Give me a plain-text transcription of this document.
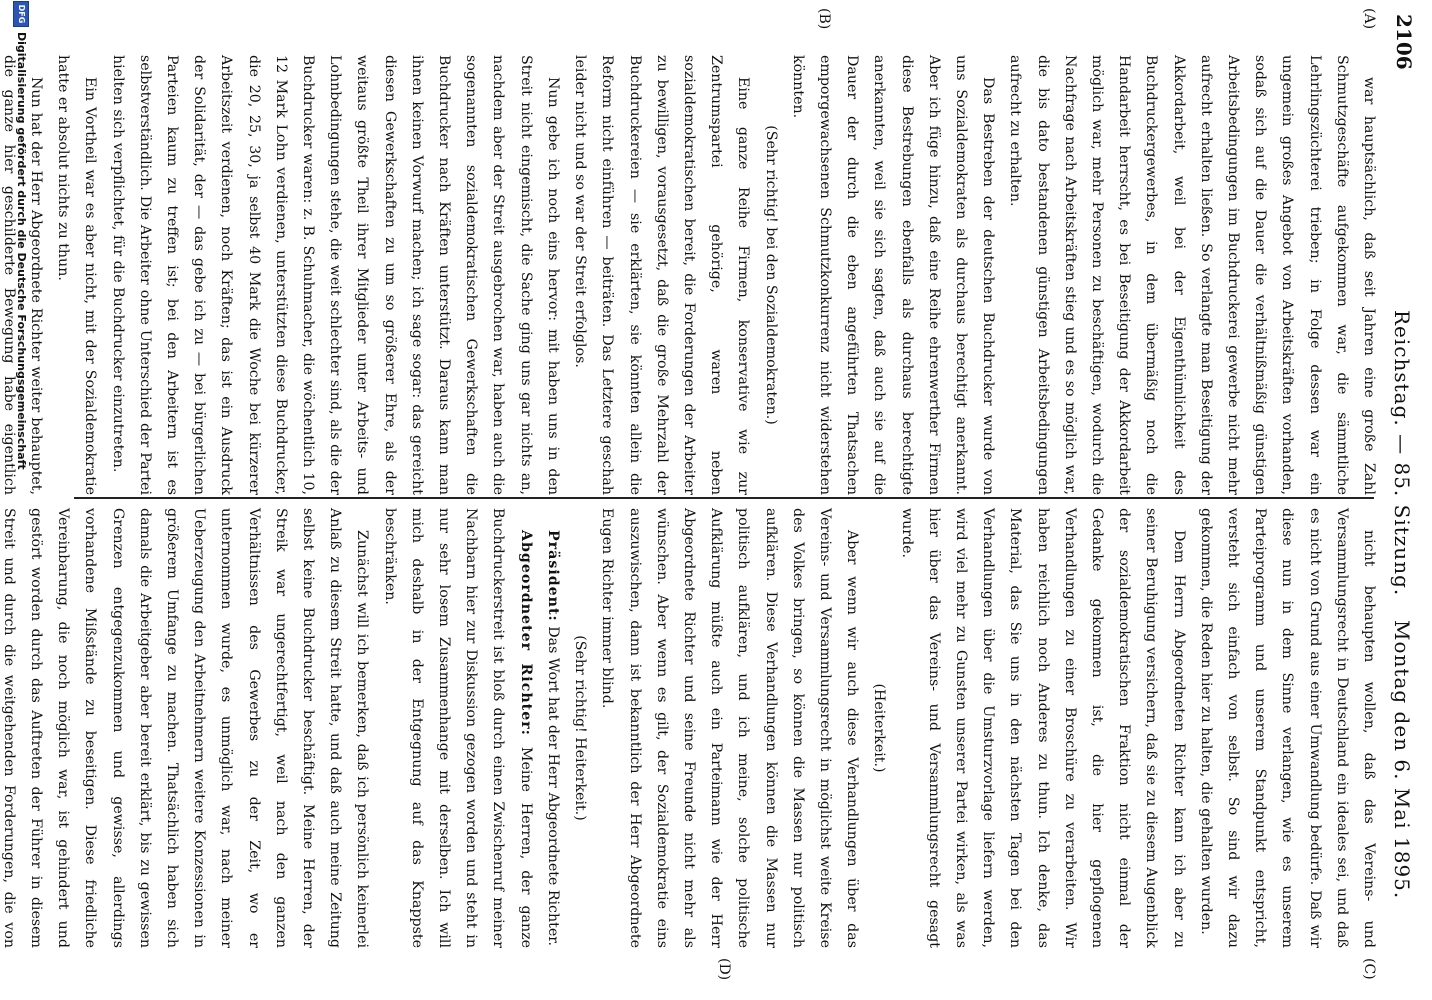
2106
Reichstag. — 85. Sitzung.
Montag den 6. Mai 1895.
(A)
(B)
(C)
(D)

war hauptsächlich, daß seit Jahren eine große Zahl Schmutzgeschäfte aufgekommen war, die sämmtliche Lehrlingszüchterei trieben; in Folge dessen war ein ungemein großes Angebot von Arbeitskräften vorhanden, sodaß sich auf die Dauer die verhältnißmäßig günstigen Arbeitsbedingungen im Buchdruckerei gewerbe nicht mehr aufrecht erhalten ließen. So verlangte man Beseitigung der Akkordarbeit, weil bei der Eigenthümlichkeit des Buchdruckergewerbes, in dem übermäßig noch die Handarbeit herrscht, es bei Beseitigung der Akkordarbeit möglich war, mehr Personen zu beschäftigen, wodurch die Nachfrage nach Arbeitskräften stieg und es so möglich war, die bis dato bestandenen günstigen Arbeitsbedingungen aufrecht zu erhalten.

Das Bestreben der deutschen Buchdrucker wurde von uns Sozialdemokraten als durchaus berechtigt anerkannt. Aber ich füge hinzu, daß eine Reihe ehrenwerther Firmen diese Bestrebungen ebenfalls als durchaus berechtigte anerkannten, weil sie sich sagten, daß auch sie auf die Dauer der durch die eben angeführten Thatsachen emporgewachsenen Schmutzkonkurrenz nicht widerstehen könnten.

(Sehr richtig! bei den Sozialdemokraten.)

Eine ganze Reihe Firmen, konservative wie zur Zentrumspartei gehörige, waren neben sozialdemokratischen bereit, die Forderungen der Arbeiter zu bewilligen, vorausgesetzt, daß die große Mehrzahl der Buchdruckereien — sie erklärten, sie könnten allein die Reform nicht einführen — beiträten. Das Letztere geschah leider nicht und so war der Streit erfolglos.

Nun gebe ich noch eins hervor: mit haben uns in den Streit nicht eingemischt, die Sache ging uns gar nichts an, nachdem aber der Streit ausgebrochen war, haben auch die sogenannten sozialdemokratischen Gewerkschaften die Buchdrucker nach Kräften unterstützt. Daraus kann man ihnen keinen Vorwurf machen; ich sage sogar: das gereicht diesen Gewerkschaften zu um so größerer Ehre, als der weitaus größte Theil ihrer Mitglieder unter Arbeits- und Lohnbedingungen stehe, die weit schlechter sind, als die der Buchdrucker waren: z. B. Schuhmacher, die wöchentlich 10, 12 Mark Lohn verdienen, unterstützten diese Buchdrucker, die 20, 25, 30, ja selbst 40 Mark die Woche bei kürzerer Arbeitszeit verdienen, noch Kräften; das ist ein Ausdruck der Solidarität, der — das gebe ich zu — bei bürgerlichen Parteien kaum zu treffen ist; bei den Arbeitern ist es selbstverständlich. Die Arbeiter ohne Unterschied der Partei hielten sich verpflichtet, für die Buchdrucker einzutreten.

Ein Vortheil war es aber nicht, mit der Sozialdemokratie hatte er absolut nichts zu thun.

Nun hat der Herr Abgeordnete Richter weiter behauptet, die ganze hier geschilderte Bewegung habe eigentlich

nicht behaupten wollen, daß das Vereins- und Versammlungsrecht in Deutschland ein ideales sei, und daß es nicht von Grund aus einer Umwandlung bedürfe. Daß wir diese nun in dem Sinne verlangen, wie es unserem Parteiprogramm und unserem Standpunkt entspricht, versteht sich einfach von selbst. So sind wir dazu gekommen, die Reden hier zu halten, die gehalten wurden.

Dem Herrn Abgeordneten Richter kann ich aber zu seiner Beruhigung versichern, daß sie zu diesem Augenblick der sozialdemokratischen Fraktion nicht einmal der Gedanke gekommen ist, die hier gepflogenen Verhandlungen zu einer Broschüre zu verarbeiten. Wir haben reichlich noch Anderes zu thun. Ich denke, das Material, das Sie uns in den nächsten Tagen bei den Verhandlungen über die Umsturzvorlage liefern werden, wird viel mehr zu Gunsten unserer Partei wirken, als was hier über das Vereins- und Versammlungsrecht gesagt wurde.

(Heiterkeit.)

Aber wenn wir auch diese Verhandlungen über das Vereins- und Versammlungsrecht in möglichst weite Kreise des Volkes bringen, so können die Massen nur politisch aufklären. Diese Verhandlungen können die Massen nur politisch aufklären, und ich meine, solche politische Aufklärung müßte auch ein Parteimann wie der Herr Abgeordnete Richter und seine Freunde nicht mehr als wünschen. Aber wenn es gilt, der Sozialdemokratie eins auszuwischen, dann ist bekanntlich der Herr Abgeordnete Eugen Richter immer blind.

(Sehr richtig! Heiterkeit.)

Präsident: Das Wort hat der Herr Abgeordnete Richter.

Abgeordneter Richter: Meine Herren, der ganze Buchdruckerstreit ist bloß durch einen Zwischenruf meiner Nachbarn hier zur Diskussion gezogen worden und steht in nur sehr losem Zusammenhange mit derselben. Ich will mich deshalb in der Entgegnung auf das Knappste beschränken.

Zunächst will ich bemerken, daß ich persönlich keinerlei Anlaß zu diesem Streit hatte, und daß auch meine Zeitung selbst keine Buchdrucker beschäftigt. Meine Herren, der Streik war ungerechtfertigt, weil nach den ganzen Verhältnissen des Gewerbes zu der Zeit, wo er unternommen wurde, es unmöglich war, nach meiner Ueberzeugung den Arbeitnehmern weitere Konzessionen in größerem Umfange zu machen. Thatsächlich haben sich damals die Arbeitgeber aber bereit erklärt, bis zu gewissen Grenzen entgegenzukommen und gewisse, allerdings vorhandene Mißstände zu beseitigen. Diese friedliche Vereinbarung, die noch möglich war, ist gehindert und gestört worden durch das Auftreten der Führer in diesem Streit und durch die weitgehenden Forderungen, die von

DFG
Digitalisierung gefördert durch die Deutsche Forschungsgemeinschaft
